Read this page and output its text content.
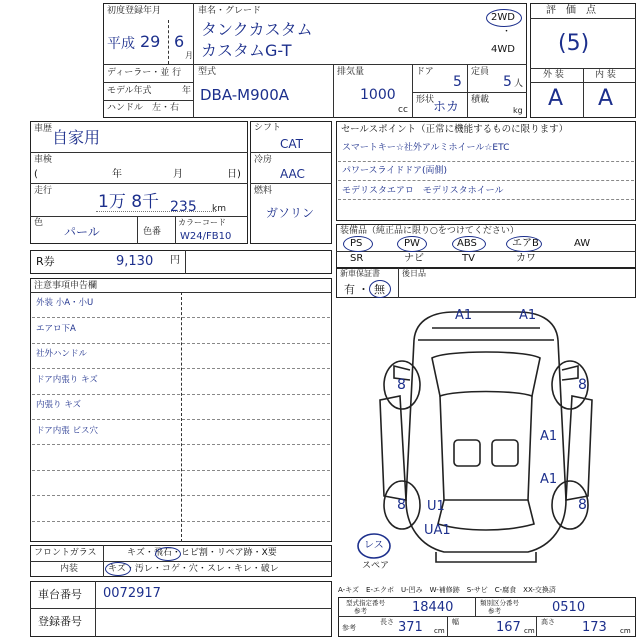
初度登録年月
平成 29 6
月
ディーラー・並 行
モデル年式	年
ハンドル　左・右
車名・グレード
タンクカスタム
カスタムG-T
2WD
・
4WD
型式
DBA-M900A
排気量
1000
cc
ドア
5
定員
5 人
形状
ホカ 積載
kg
評　価　点
(5)
外 装	内 装
A A
車歴 自家用
車検
(	年	月	日)
走行
1万 8千 235 km
色
パール	色番
カラーコード
W24/FB10
シフト
CAT
冷房
AAC
燃料
ガソリン
R券	9,130 円
セールスポイント（正常に機能するものに限ります）
スマートキー☆社外アルミホイール☆ETC
パワースライドドア(両側)
モデリスタエアロ　モデリスタホイール
装備品（純正品に限り○をつけてください）
PS	PW	ABS	エアB	AW
SR	ナビ	TV	カワ
新車保証書
有 ・ 無
後日品
注意事項申告欄
外装 小A・小U
エアロ下A
社外ハンドル
ドア内張り キズ
内張り キズ
ドア内張 ビス穴
フロントガラス	キズ・飛石・ヒビ割・リペア跡・X要
内装	キズ・汚レ・コゲ・穴・スレ・キレ・破レ
車台番号 0072917
登録番号
A1	A1
8	8
A1
A1
8 U1
UA1
8
レス
スペア
A-キズ　E-エクボ　U-凹み　W-補修跡　S-サビ　C-腐食　XX-交換済
型式指定番号
参考	18440	類別区分番号
参考	0510
長さ 371 cm
幅	167 cm
高さ 173 cm
参考
